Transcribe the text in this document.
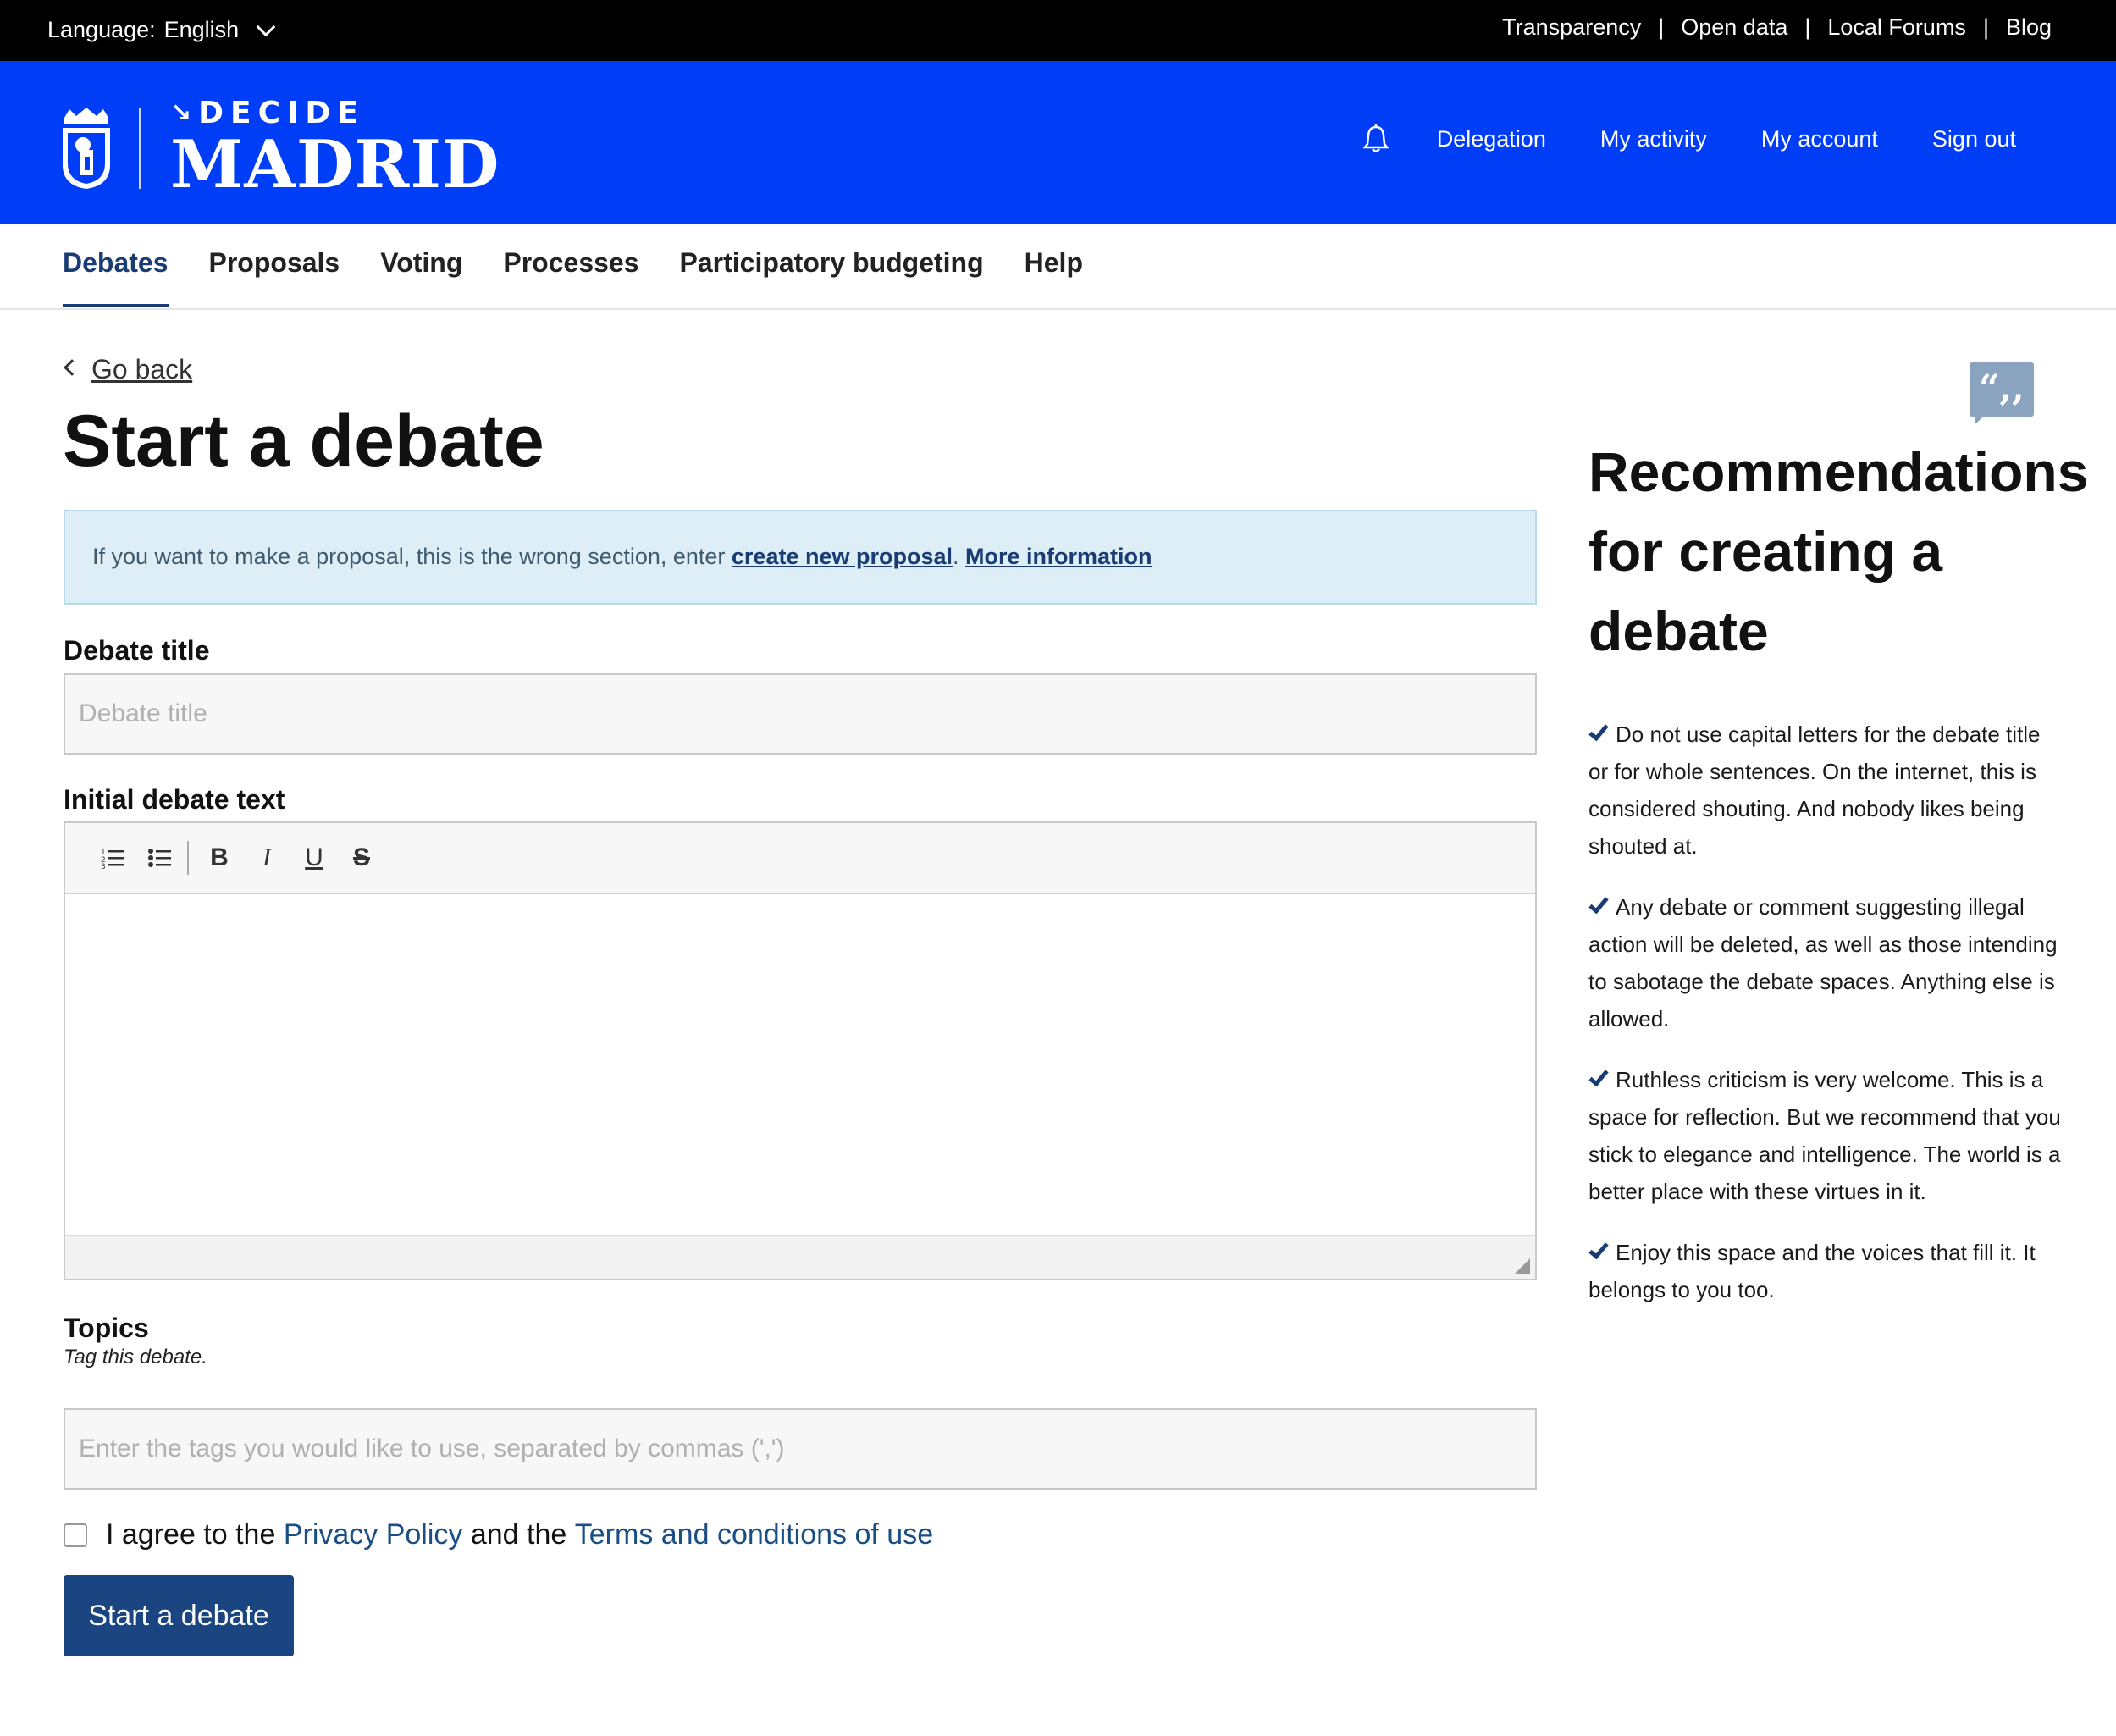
Language: English	Transparency | Open data | Local Forums | Blog
↘ DECIDE
MADRID	Delegation My activity My account Sign out
Debates Proposals Voting Processes Participatory budgeting Help
Go back
Start a debate
If you want to make a proposal, this is the wrong section, enter create new proposal. More information
Debate title
Debate title
Initial debate text
1
2
3	B	I	U	S
Topics
Tag this debate.
Enter the tags you would like to use, separated by commas (',')
I agree to the Privacy Policy and the Terms and conditions of use
Start a debate
“,,
Recommendations for creating a debate
Do not use capital letters for the debate title or for whole sentences. On the internet, this is considered shouting. And nobody likes being shouted at.
Any debate or comment suggesting illegal action will be deleted, as well as those intending to sabotage the debate spaces. Anything else is allowed.
Ruthless criticism is very welcome. This is a space for reflection. But we recommend that you stick to elegance and intelligence. The world is a better place with these virtues in it.
Enjoy this space and the voices that fill it. It belongs to you too.
